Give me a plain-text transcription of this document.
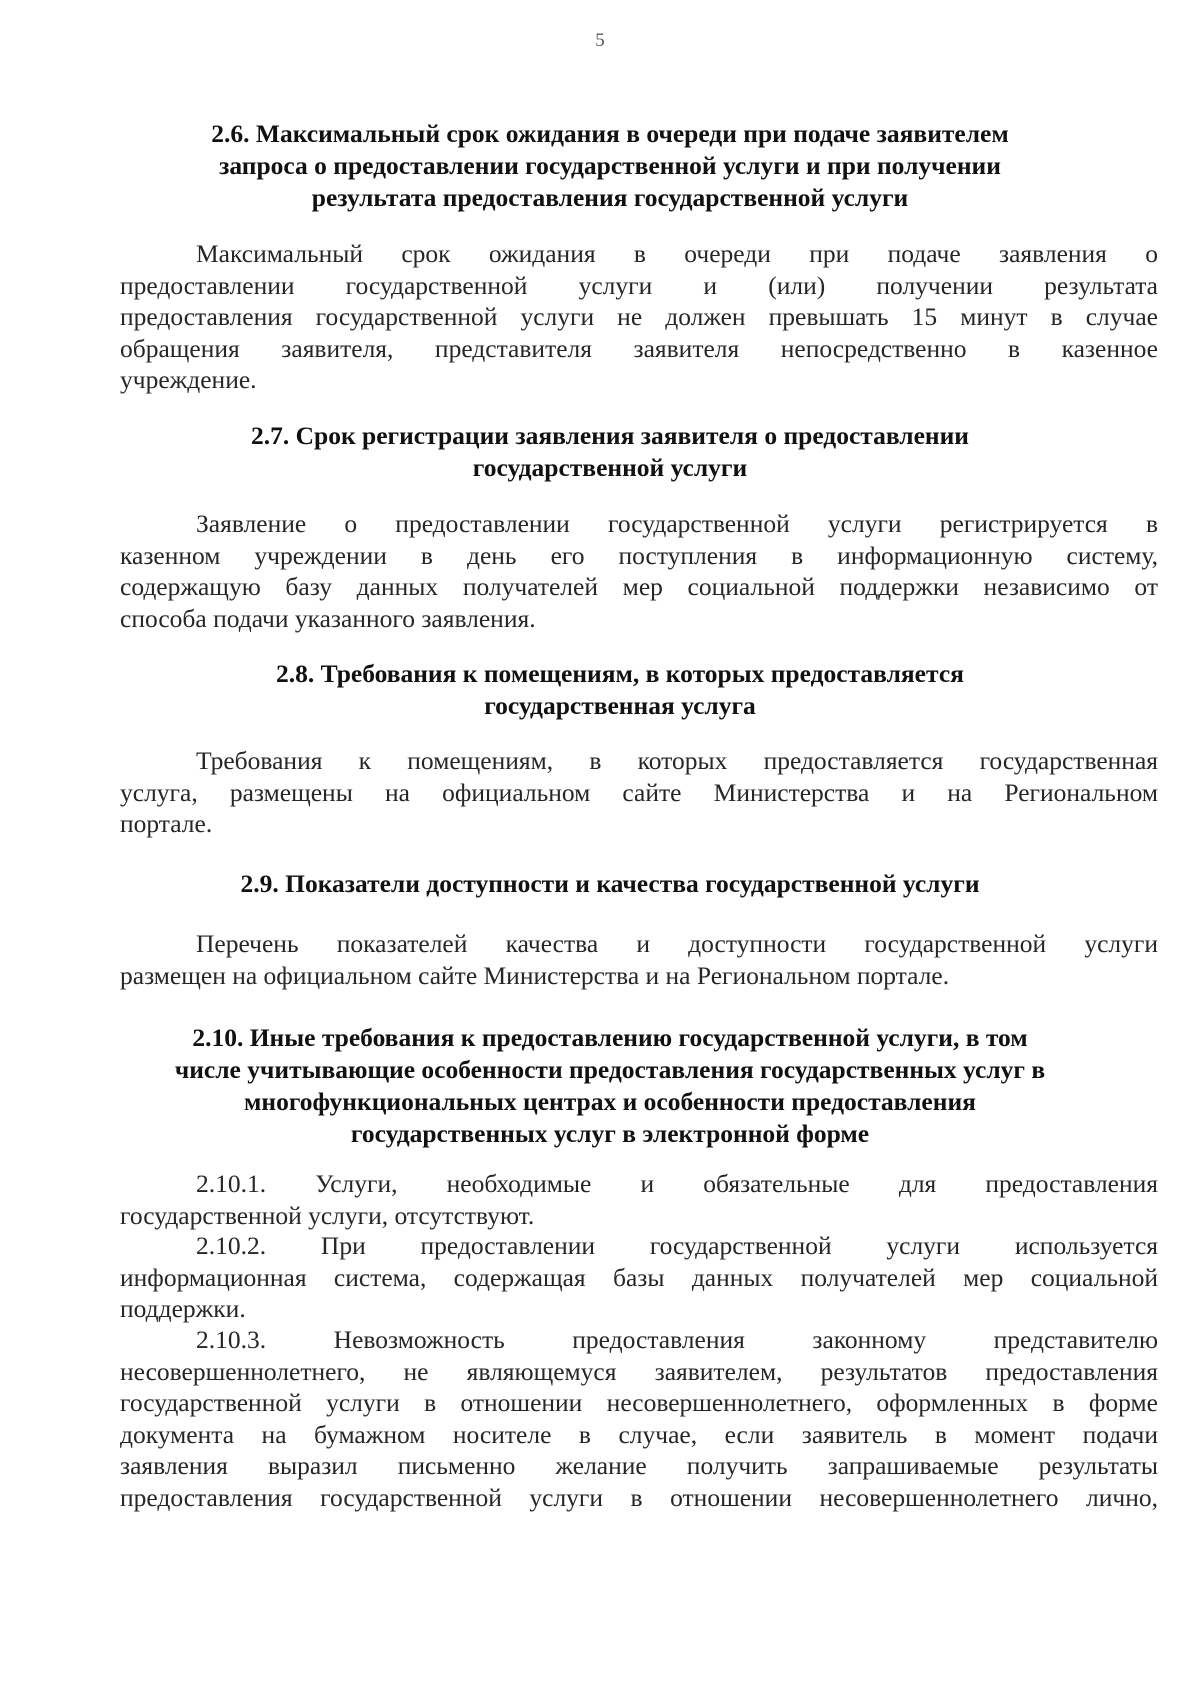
5
2.6. Максимальный срок ожидания в очереди при подаче заявителем
запроса о предоставлении государственной услуги и при получении
результата предоставления государственной услуги
Максимальный срок ожидания в очереди при подаче заявления о
предоставлении государственной услуги и (или) получении результата
предоставления государственной услуги не должен превышать 15 минут в случае
обращения заявителя, представителя заявителя непосредственно в казенное
учреждение.
2.7. Срок регистрации заявления заявителя о предоставлении
государственной услуги
Заявление о предоставлении государственной услуги регистрируется в
казенном учреждении в день его поступления в информационную систему,
содержащую базу данных получателей мер социальной поддержки независимо от
способа подачи указанного заявления.
2.8. Требования к помещениям, в которых предоставляется
государственная услуга
Требования к помещениям, в которых предоставляется государственная
услуга, размещены на официальном сайте Министерства и на Региональном
портале.
2.9. Показатели доступности и качества государственной услуги
Перечень показателей качества и доступности государственной услуги
размещен на официальном сайте Министерства и на Региональном портале.
2.10. Иные требования к предоставлению государственной услуги, в том
числе учитывающие особенности предоставления государственных услуг в
многофункциональных центрах и особенности предоставления
государственных услуг в электронной форме
2.10.1. Услуги, необходимые и обязательные для предоставления
государственной услуги, отсутствуют.
2.10.2. При предоставлении государственной услуги используется
информационная система, содержащая базы данных получателей мер социальной
поддержки.
2.10.3. Невозможность предоставления законному представителю
несовершеннолетнего, не являющемуся заявителем, результатов предоставления
государственной услуги в отношении несовершеннолетнего, оформленных в форме
документа на бумажном носителе в случае, если заявитель в момент подачи
заявления выразил письменно желание получить запрашиваемые результаты
предоставления государственной услуги в отношении несовершеннолетнего лично,
